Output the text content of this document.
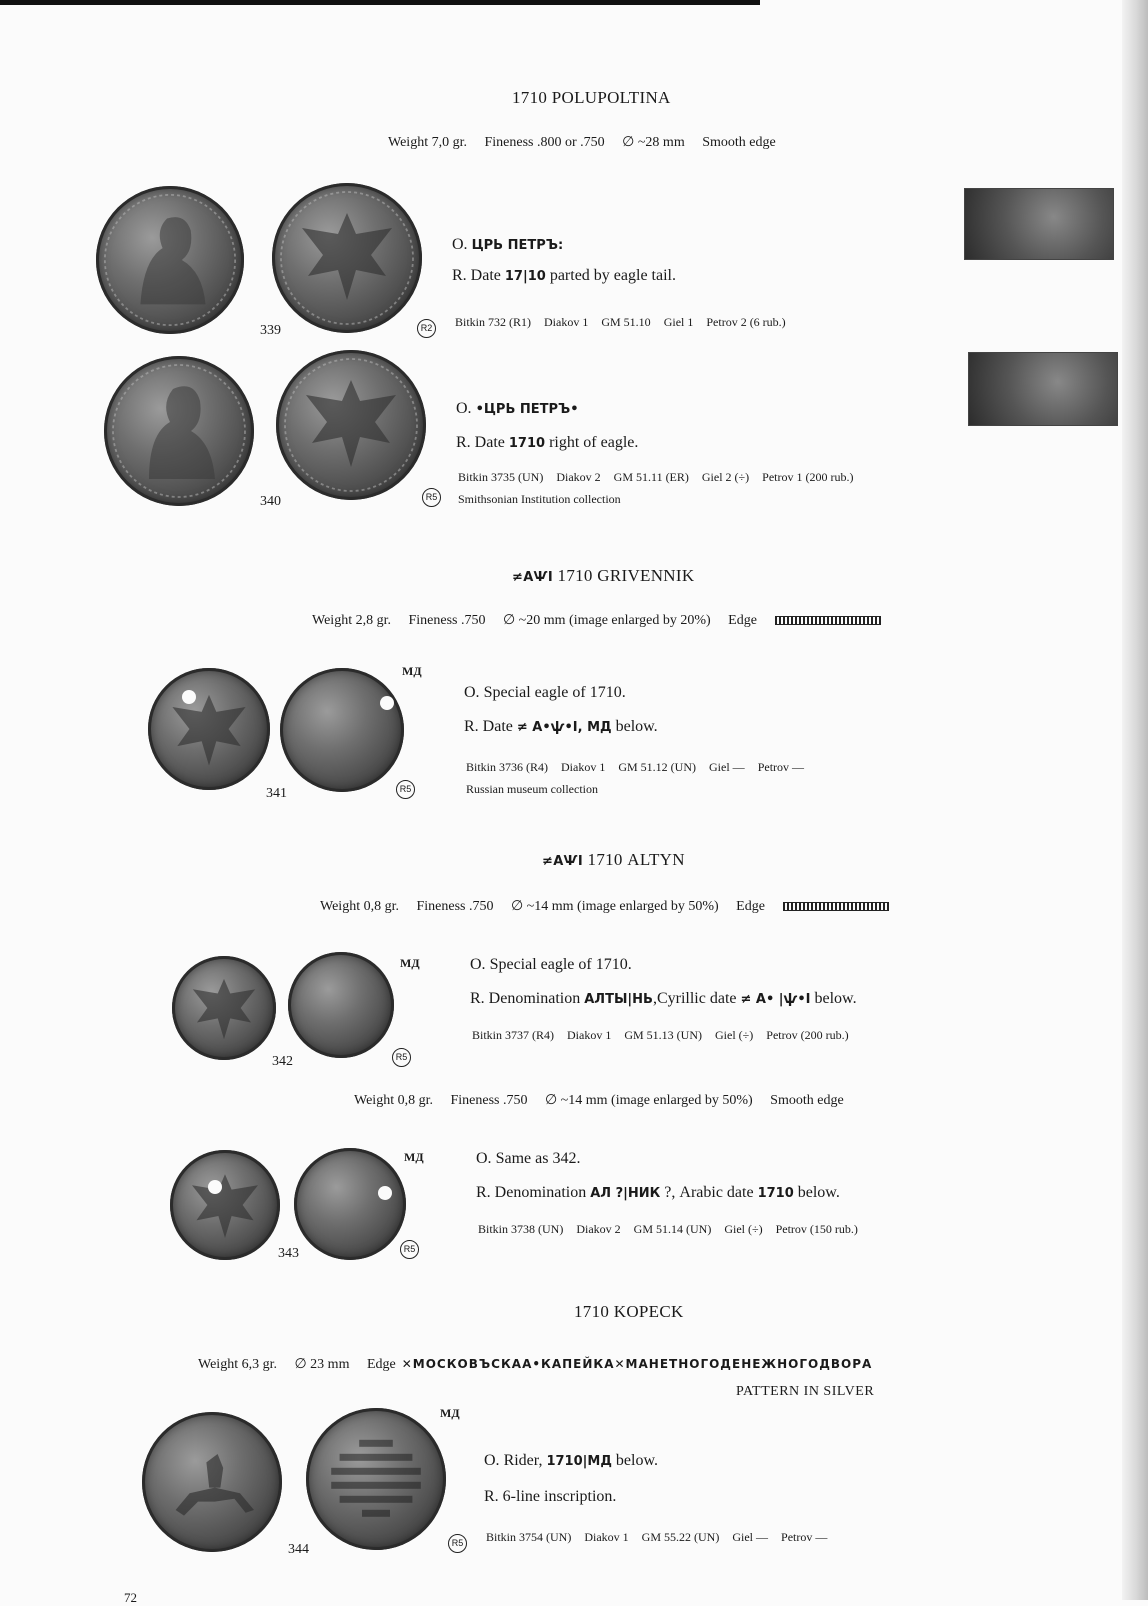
1710 POLUPOLTINA
Weight 7,0 gr. Fineness .800 or .750 ∅ ~28 mm Smooth edge
339	R2
O. ЦРЬ ПЕТРЪ:
R. Date 17|10 parted by eagle tail.
Bitkin 732 (R1) Diakov 1 GM 51.10 Giel 1 Petrov 2 (6 rub.)
340	R5
O. •ЦРЬ ПЕТРЪ•
R. Date 1710 right of eagle.
Bitkin 3735 (UN) Diakov 2 GM 51.11 (ER) Giel 2 (÷) Petrov 1 (200 rub.)
Smithsonian Institution collection
≠АѰІ 1710 GRIVENNIK
Weight 2,8 gr. Fineness .750 ∅ ~20 mm (image enlarged by 20%) Edge
МД
341	R5
O. Special eagle of 1710.
R. Date ≠ А•ѱ•І, МД below.
Bitkin 3736 (R4) Diakov 1 GM 51.12 (UN) Giel — Petrov —
Russian museum collection
≠АѰІ 1710 ALTYN
Weight 0,8 gr. Fineness .750 ∅ ~14 mm (image enlarged by 50%) Edge
МД
342	R5
O. Special eagle of 1710.
R. Denomination АЛТЫ|НЬ,Cyrillic date ≠ А• |ѱ•І below.
Bitkin 3737 (R4) Diakov 1 GM 51.13 (UN) Giel (÷) Petrov (200 rub.)
Weight 0,8 gr. Fineness .750 ∅ ~14 mm (image enlarged by 50%) Smooth edge
МД
343	R5
O. Same as 342.
R. Denomination АЛ ?|НИК ?, Arabic date 1710 below.
Bitkin 3738 (UN) Diakov 2 GM 51.14 (UN) Giel (÷) Petrov (150 rub.)
1710 KOPECK
Weight 6,3 gr. ∅ 23 mm Edge ✕МОСКОВЪСКАА•КАПЕЙКА✕МАНЕТНОГОДЕНЕЖНОГОДВОРА
PATTERN IN SILVER
МД
344	R5
O. Rider, 1710|МД below.
R. 6-line inscription.
Bitkin 3754 (UN) Diakov 1 GM 55.22 (UN) Giel — Petrov —
72
